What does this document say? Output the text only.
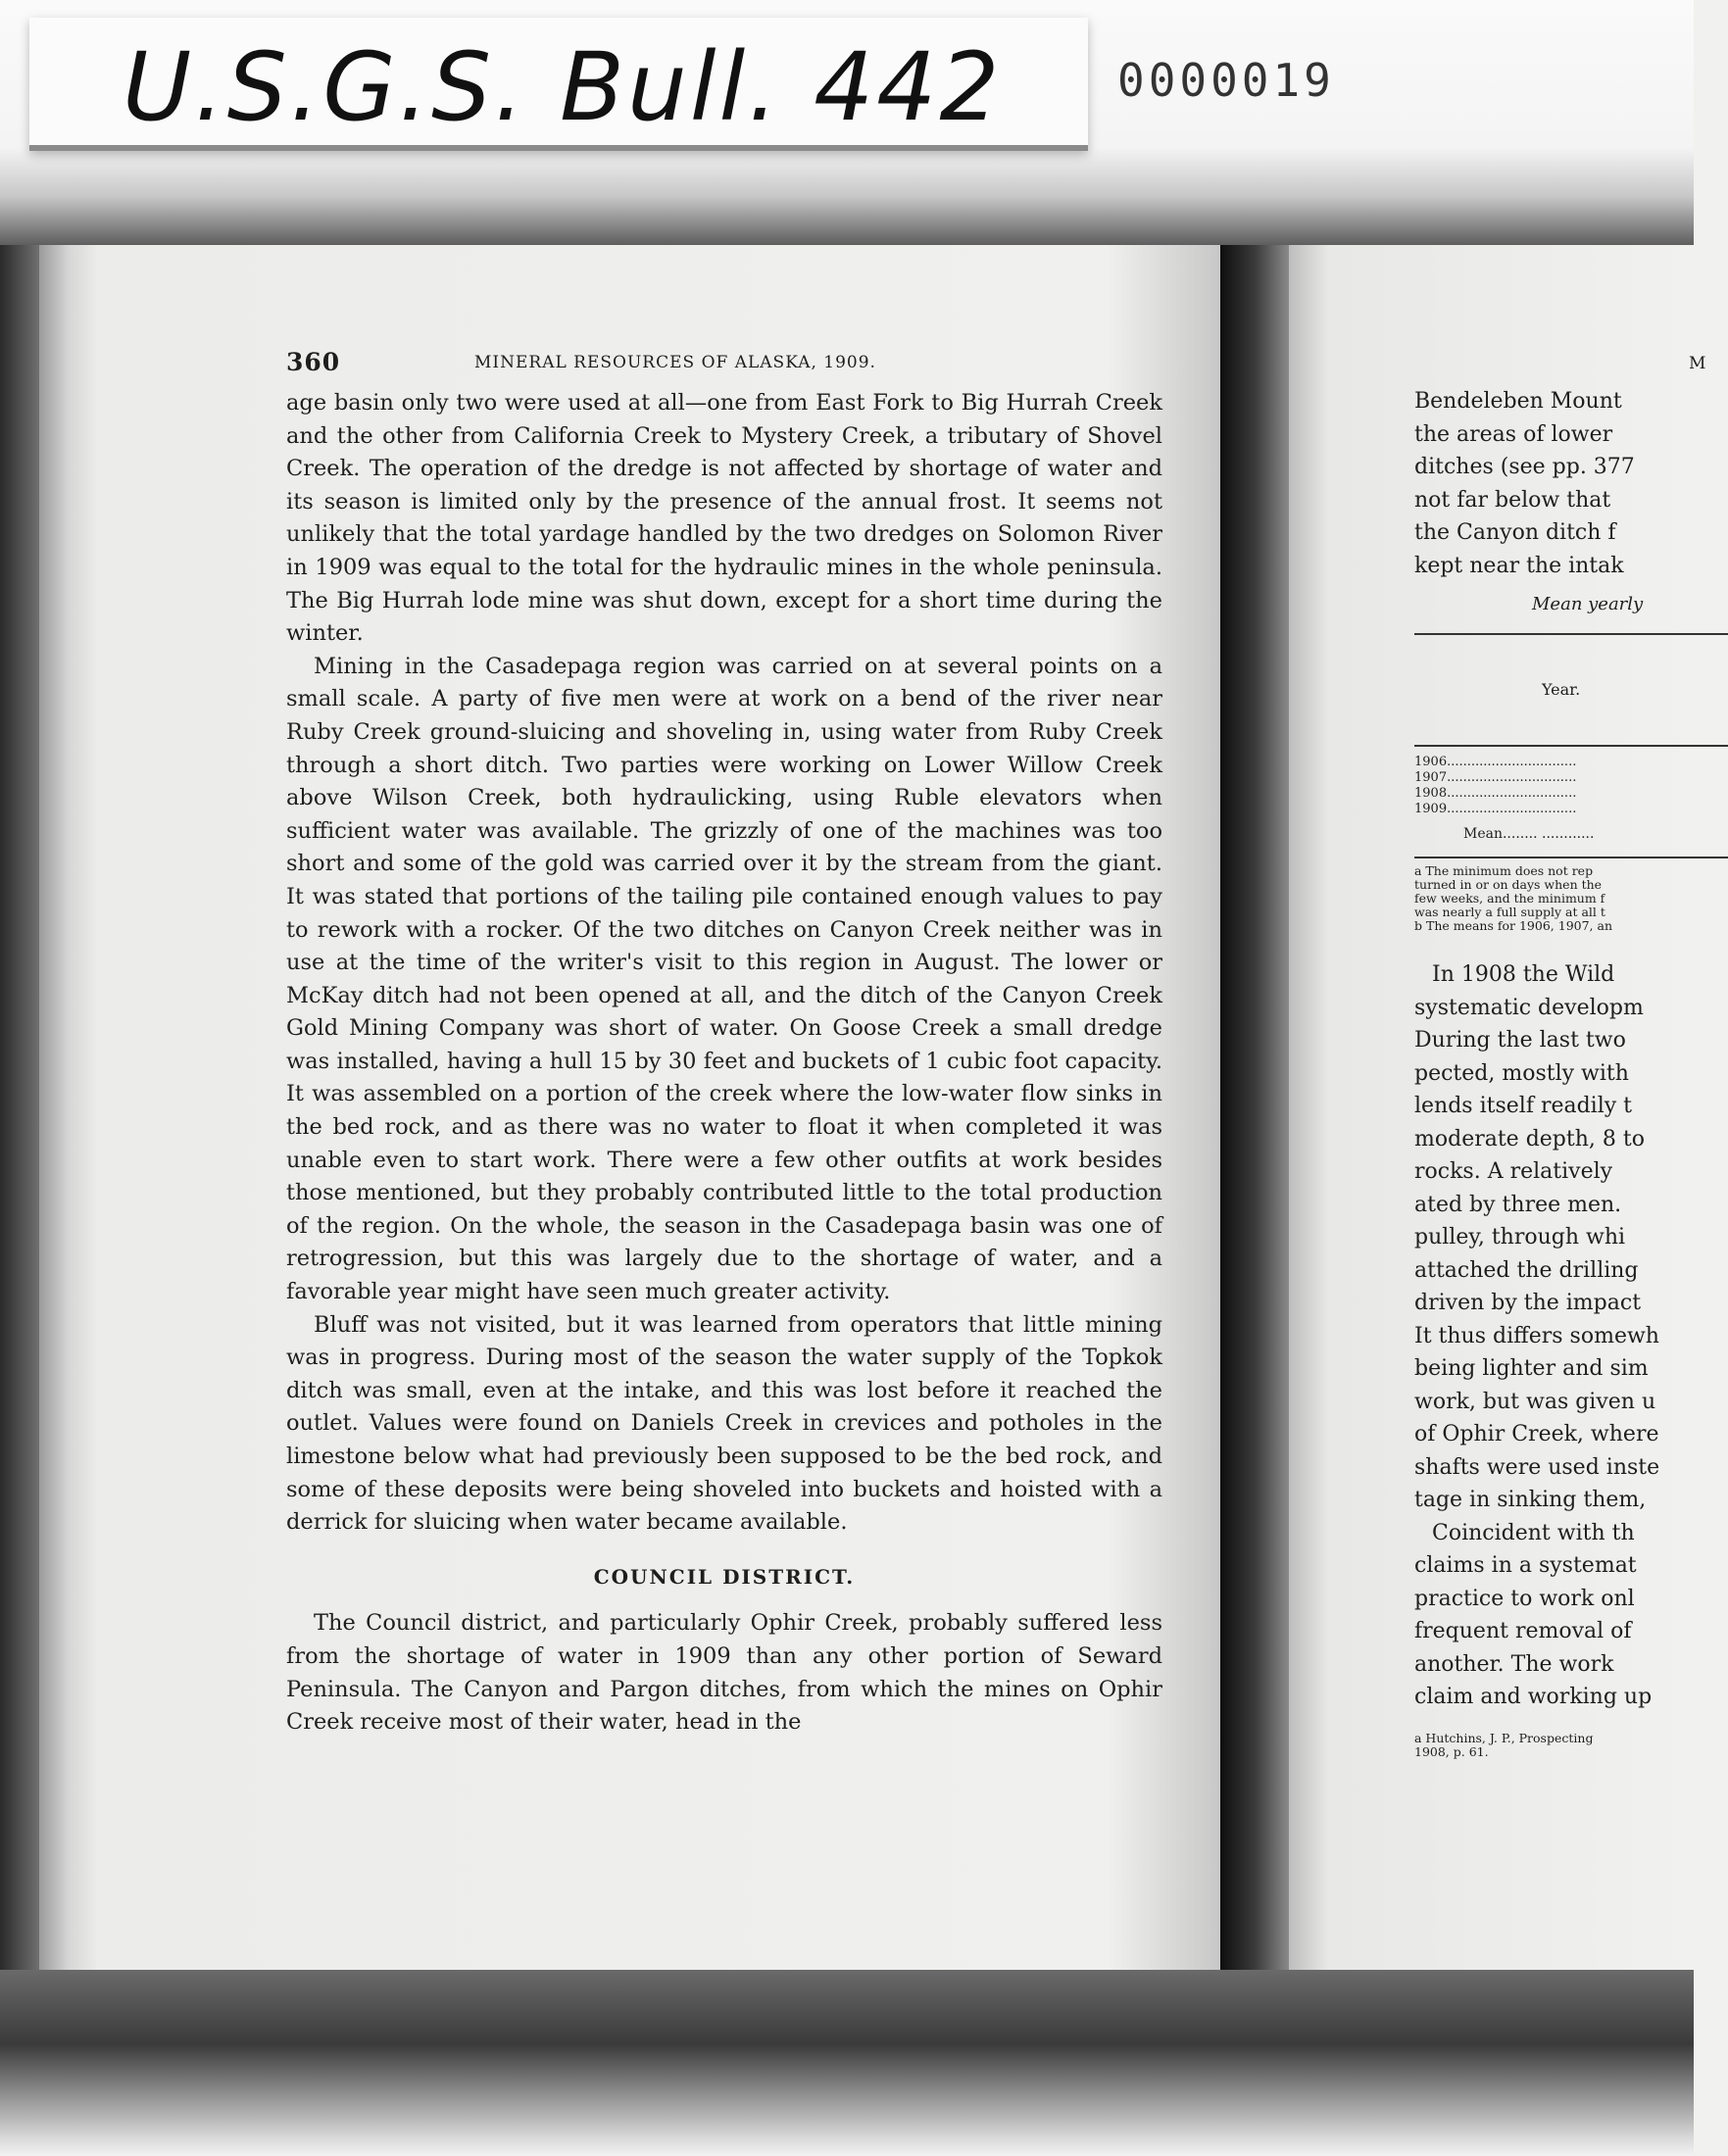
U.S.G.S. Bull. 442	0000019
M
Bendeleben Mount
the areas of lower
ditches (see pp. 377
not far below that
the Canyon ditch f
kept near the intak
Mean yearly
Year.
1906................................
1907................................
1908................................
1909................................
Mean........ ............
a The minimum does not rep
turned in or on days when the
few weeks, and the minimum f
was nearly a full supply at all t
b The means for 1906, 1907, an
In 1908 the Wild
systematic developm
During the last two
pected, mostly with
lends itself readily t
moderate depth, 8 to
rocks. A relatively
ated by three men.
pulley, through whi
attached the drilling
driven by the impact
It thus differs somewh
being lighter and sim
work, but was given u
of Ophir Creek, where
shafts were used inste
tage in sinking them,
Coincident with th
claims in a systemat
practice to work onl
frequent removal of
another. The work
claim and working up
a Hutchins, J. P., Prospecting
1908, p. 61.
360	MINERAL RESOURCES OF ALASKA, 1909.

age basin only two were used at all—one from East Fork to Big Hurrah Creek and the other from California Creek to Mystery Creek, a tributary of Shovel Creek. The operation of the dredge is not affected by shortage of water and its season is limited only by the presence of the annual frost. It seems not unlikely that the total yardage handled by the two dredges on Solomon River in 1909 was equal to the total for the hydraulic mines in the whole peninsula. The Big Hurrah lode mine was shut down, except for a short time during the winter.

Mining in the Casadepaga region was carried on at several points on a small scale. A party of five men were at work on a bend of the river near Ruby Creek ground-sluicing and shoveling in, using water from Ruby Creek through a short ditch. Two parties were working on Lower Willow Creek above Wilson Creek, both hydraulicking, using Ruble elevators when sufficient water was available. The grizzly of one of the machines was too short and some of the gold was carried over it by the stream from the giant. It was stated that portions of the tailing pile contained enough values to pay to rework with a rocker. Of the two ditches on Canyon Creek neither was in use at the time of the writer's visit to this region in August. The lower or McKay ditch had not been opened at all, and the ditch of the Canyon Creek Gold Mining Company was short of water. On Goose Creek a small dredge was installed, having a hull 15 by 30 feet and buckets of 1 cubic foot capacity. It was assembled on a portion of the creek where the low-water flow sinks in the bed rock, and as there was no water to float it when completed it was unable even to start work. There were a few other outfits at work besides those mentioned, but they probably contributed little to the total production of the region. On the whole, the season in the Casadepaga basin was one of retrogression, but this was largely due to the shortage of water, and a favorable year might have seen much greater activity.

Bluff was not visited, but it was learned from operators that little mining was in progress. During most of the season the water supply of the Topkok ditch was small, even at the intake, and this was lost before it reached the outlet. Values were found on Daniels Creek in crevices and potholes in the limestone below what had previously been supposed to be the bed rock, and some of these deposits were being shoveled into buckets and hoisted with a derrick for sluicing when water became available.

COUNCIL DISTRICT.

The Council district, and particularly Ophir Creek, probably suffered less from the shortage of water in 1909 than any other portion of Seward Peninsula. The Canyon and Pargon ditches, from which the mines on Ophir Creek receive most of their water, head in the
